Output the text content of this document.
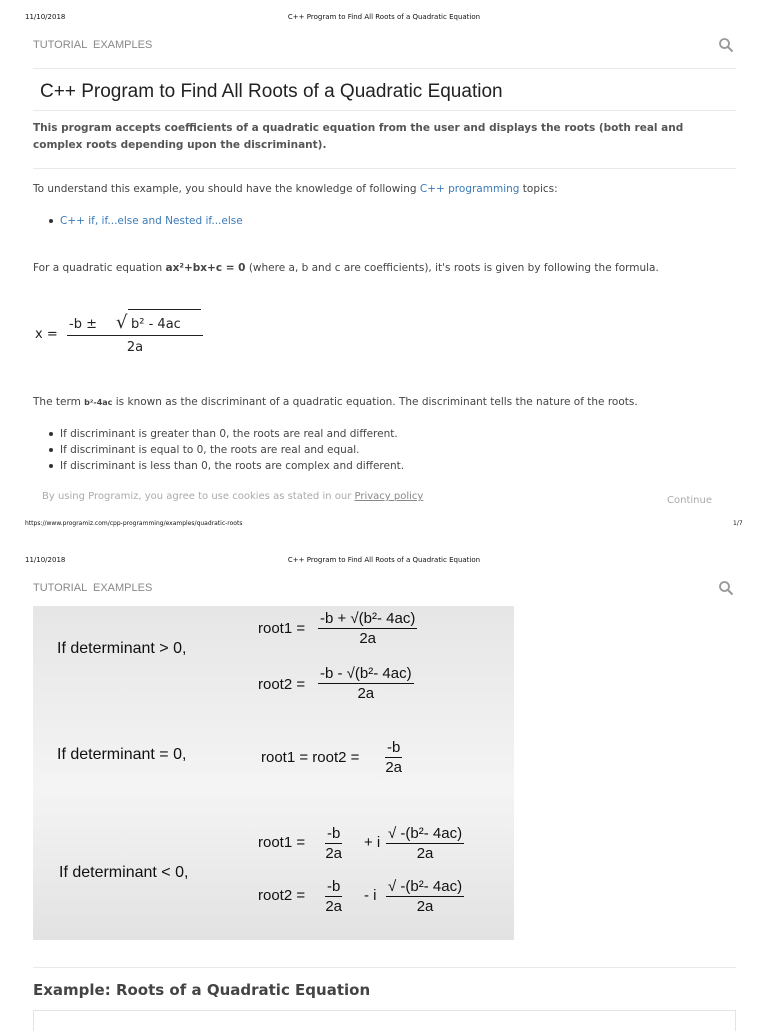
11/10/2018	C++ Program to Find All Roots of a Quadratic Equation
TUTORIAL EXAMPLES
C++ Program to Find All Roots of a Quadratic Equation
This program accepts coefficients of a quadratic equation from the user and displays the roots (both real and complex roots depending upon the discriminant).
To understand this example, you should have the knowledge of following C++ programming topics:
C++ if, if...else and Nested if...else
For a quadratic equation ax²+bx+c = 0 (where a, b and c are coefficients), it's roots is given by following the formula.
x =
-b ± √ b² - 4ac
2a
The term b²-4ac is known as the discriminant of a quadratic equation. The discriminant tells the nature of the roots.
If discriminant is greater than 0, the roots are real and different.
If discriminant is equal to 0, the roots are real and equal.
If discriminant is less than 0, the roots are complex and different.
By using Programiz, you agree to use cookies as stated in our Privacy policy	Continue
https://www.programiz.com/cpp-programming/examples/quadratic-roots	1/7
11/10/2018	C++ Program to Find All Roots of a Quadratic Equation
TUTORIAL EXAMPLES
If determinant > 0,
root1 = $\frac{\text{-b + √(b²- 4ac)}}{2a}$
root2 = $\frac{\text{-b - √(b²- 4ac)}}{2a}$
If determinant = 0,	root1 = root2 = $\frac{-b}{2a}$
If determinant < 0,
root1 = $\frac{-b}{2a} + i \frac{\text{√ -(b²- 4ac)}}{2a}$
root2 = $\frac{-b}{2a}$ - i $\frac{\text{√ -(b²- 4ac)}}{2a}$
Example: Roots of a Quadratic Equation
